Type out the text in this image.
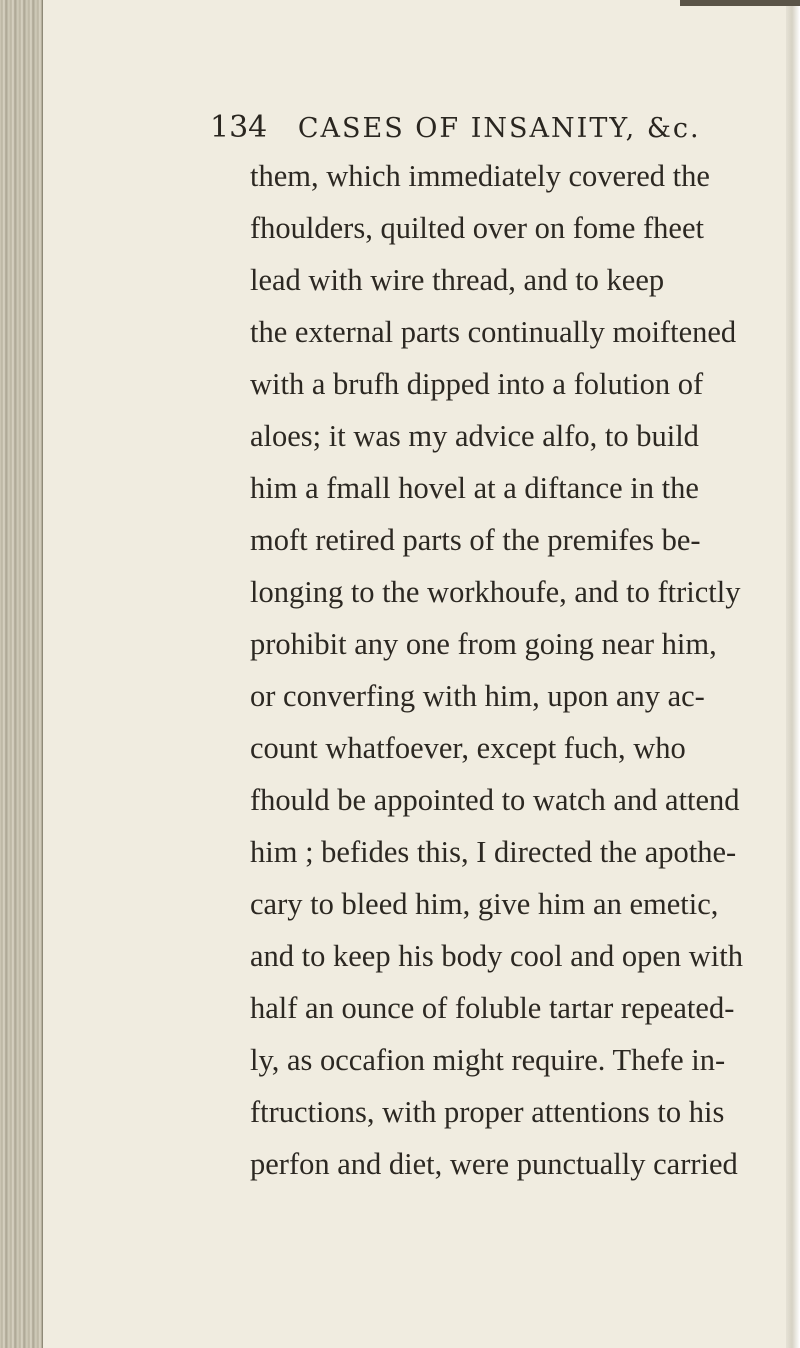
134 CASES OF INSANITY, &c.
them, which immediately covered the
fhoulders, quilted over on fome fheet
lead with wire thread, and to keep
the external parts continually moiftened
with a brufh dipped into a folution of
aloes; it was my advice alfo, to build
him a fmall hovel at a diftance in the
moft retired parts of the premifes be-
longing to the workhoufe, and to ftrictly
prohibit any one from going near him,
or converfing with him, upon any ac-
count whatfoever, except fuch, who
fhould be appointed to watch and attend
him ; befides this, I directed the apothe-
cary to bleed him, give him an emetic,
and to keep his body cool and open with
half an ounce of foluble tartar repeated-
ly, as occafion might require. Thefe in-
ftructions, with proper attentions to his
perfon and diet, were punctually carried
